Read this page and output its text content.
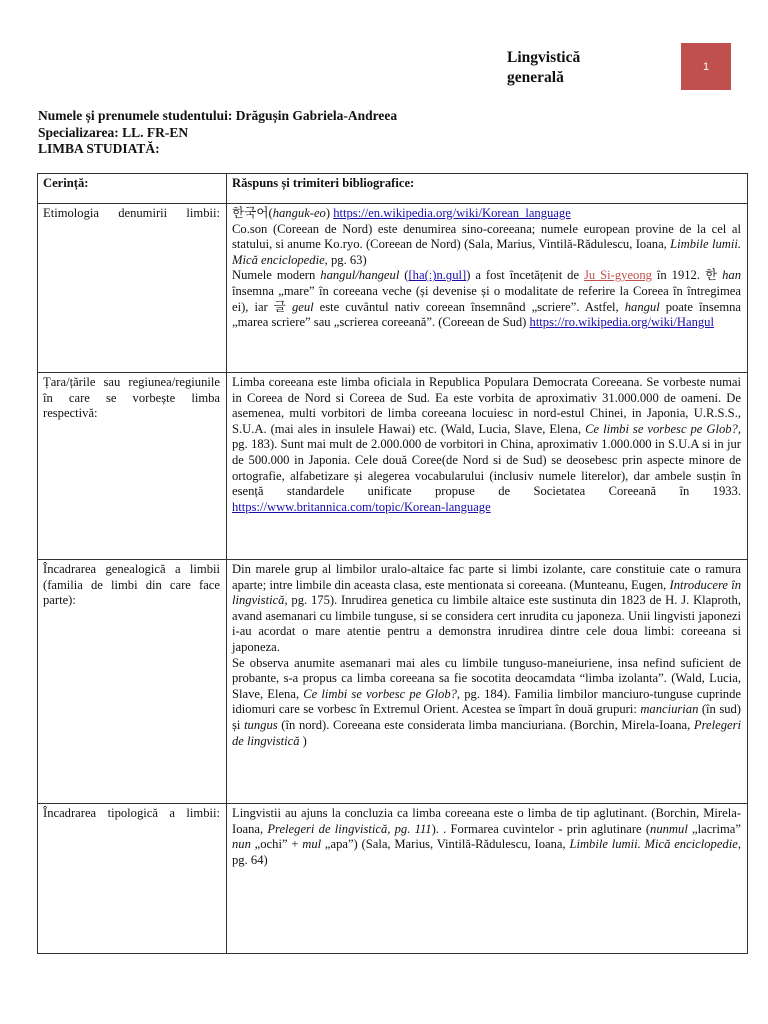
Lingvistică
generală
1
Numele și prenumele studentului: Drăgușin Gabriela-Andreea
Specializarea: LL. FR-EN
LIMBA STUDIATĂ:
Cerință:	Răspuns și trimiteri bibliografice:
Etimologia denumirii limbii:	한국어(hanguk-eo) https://en.wikipedia.org/wiki/Korean_language

Co.son (Coreean de Nord) este denumirea sino-coreeana; numele european provine de la cel al statului, si anume Ko.ryo. (Coreean de Nord) (Sala, Marius, Vintilă-Rădulescu, Ioana, Limbile lumii. Mică enciclopedie, pg. 63)

Numele modern hangul/hangeul ([ha(ː)n.ɡul]) a fost încetățenit de Ju Si-gyeong în 1912. 한 han însemna „mare” în coreeana veche (și devenise și o modalitate de referire la Coreea în întregimea ei), iar 글 geul este cuvântul nativ coreean însemnând „scriere”. Astfel, hangul poate însemna „marea scriere” sau „scrierea coreeană”. (Coreean de Sud) https://ro.wikipedia.org/wiki/Hangul

Țara/țările sau regiunea/regiunile în care se vorbește limba respectivă:	Limba coreeana este limba oficiala in Republica Populara Democrata Coreeana. Se vorbeste numai in Coreea de Nord si Coreea de Sud. Ea este vorbita de aproximativ 31.000.000 de oameni. De asemenea, multi vorbitori de limba coreeana locuiesc in nord-estul Chinei, in Japonia, U.R.S.S., S.U.A. (mai ales in insulele Hawai) etc. (Wald, Lucia, Slave, Elena, Ce limbi se vorbesc pe Glob?, pg. 183). Sunt mai mult de 2.000.000 de vorbitori in China, aproximativ 1.000.000 in S.U.A si in jur de 500.000 in Japonia. Cele două Coree(de Nord si de Sud) se deosebesc prin aspecte minore de ortografie, alfabetizare și alegerea vocabularului (inclusiv numele literelor), dar ambele susțin în esență standardele unificate propuse de Societatea Coreeană în 1933. https://www.britannica.com/topic/Korean-language

Încadrarea genealogică a limbii (familia de limbi din care face parte):	Din marele grup al limbilor uralo-altaice fac parte si limbi izolante, care constituie cate o ramura aparte; intre limbile din aceasta clasa, este mentionata si coreeana. (Munteanu, Eugen, Introducere în lingvistică, pg. 175). Inrudirea genetica cu limbile altaice este sustinuta din 1823 de H. J. Klaproth, avand asemanari cu limbile tunguse, si se considera cert inrudita cu japoneza. Unii lingvisti japonezi i-au acordat o mare atentie pentru a demonstra inrudirea dintre cele doua limbi: coreeana si japoneza.

Se observa anumite asemanari mai ales cu limbile tunguso-maneiuriene, insa nefind suficient de probante, s-a propus ca limba coreeana sa fie socotita deocamdata “limba izolanta”. (Wald, Lucia, Slave, Elena, Ce limbi se vorbesc pe Glob?, pg. 184). Familia limbilor manciuro-tunguse cuprinde idiomuri care se vorbesc în Extremul Orient. Acestea se împart în două grupuri: manciurian (în sud) și tungus (în nord). Coreeana este considerata limba manciuriana. (Borchin, Mirela-Ioana, Prelegeri de lingvistică )

Încadrarea tipologică a limbii:	Lingvistii au ajuns la concluzia ca limba coreeana este o limba de tip aglutinant. (Borchin, Mirela-Ioana, Prelegeri de lingvistică, pg. 111). . Formarea cuvintelor - prin aglutinare (nunmul „lacrima” nun „ochi” + mul „apa”) (Sala, Marius, Vintilă-Rădulescu, Ioana, Limbile lumii. Mică enciclopedie, pg. 64)
